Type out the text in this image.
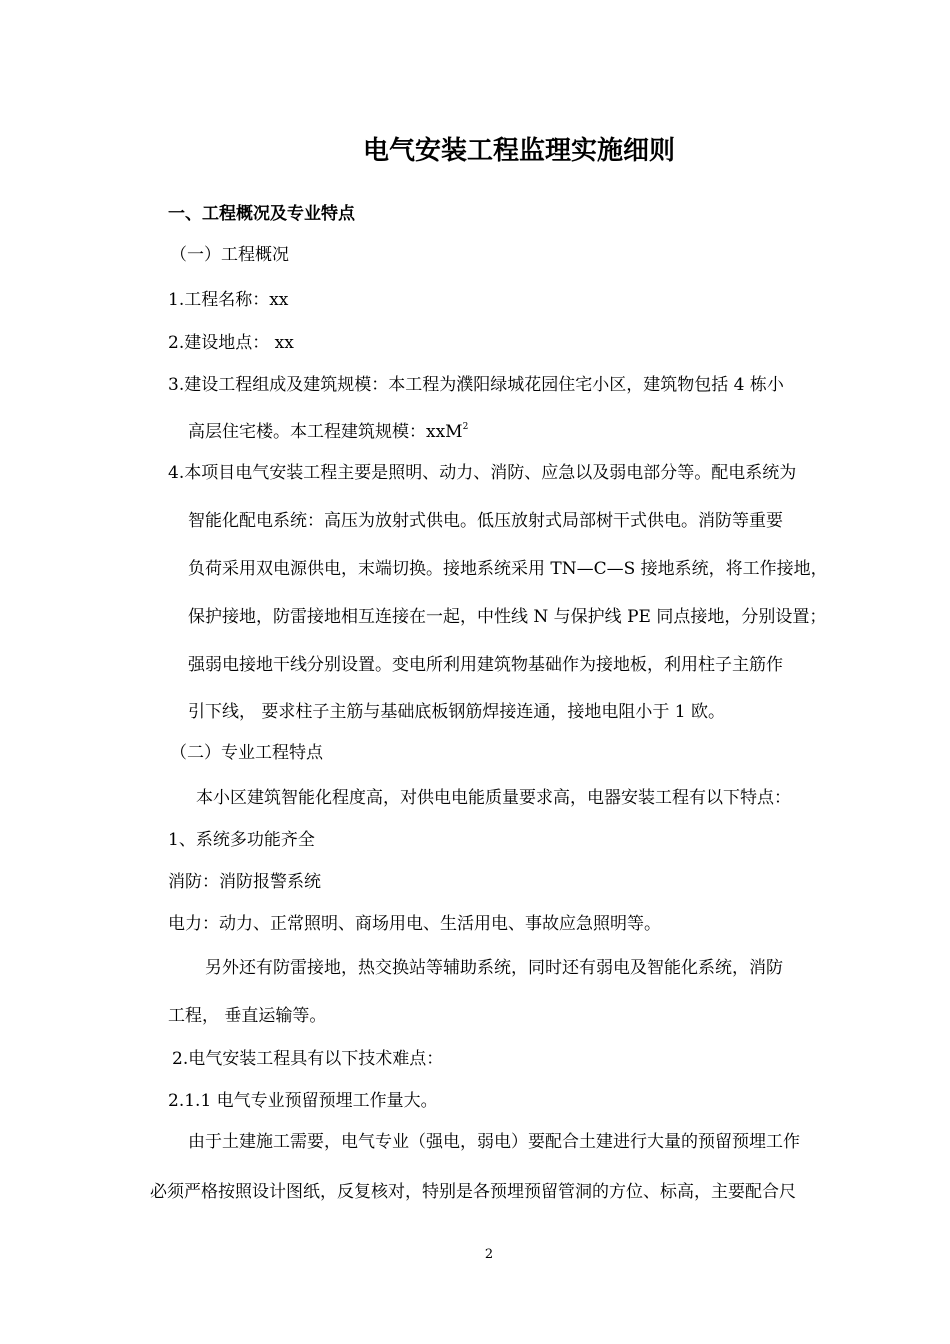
电气安装工程监理实施细则
一、工程概况及专业特点
（一）工程概况
1.工程名称：xx
2.建设地点： xx
3.建设工程组成及建筑规模：本工程为濮阳绿城花园住宅小区，建筑物包括 4 栋小
高层住宅楼。本工程建筑规模：xxM$^2$
4.本项目电气安装工程主要是照明、动力、消防、应急以及弱电部分等。配电系统为
智能化配电系统：高压为放射式供电。低压放射式局部树干式供电。消防等重要
负荷采用双电源供电，末端切换。接地系统采用 TN—C—S 接地系统，将工作接地，
保护接地，防雷接地相互连接在一起，中性线 N 与保护线 PE 同点接地，分别设置；
强弱电接地干线分别设置。变电所利用建筑物基础作为接地板，利用柱子主筋作
引下线， 要求柱子主筋与基础底板钢筋焊接连通，接地电阻小于 1 欧。
（二）专业工程特点
本小区建筑智能化程度高，对供电电能质量要求高，电器安装工程有以下特点：
1、系统多功能齐全
消防：消防报警系统
电力：动力、正常照明、商场用电、生活用电、事故应急照明等。
另外还有防雷接地，热交换站等辅助系统，同时还有弱电及智能化系统，消防
工程， 垂直运输等。
2.电气安装工程具有以下技术难点：
2.1.1 电气专业预留预埋工作量大。
由于土建施工需要，电气专业（强电，弱电）要配合土建进行大量的预留预埋工作
必须严格按照设计图纸，反复核对，特别是各预埋预留管洞的方位、标高，主要配合尺
2
